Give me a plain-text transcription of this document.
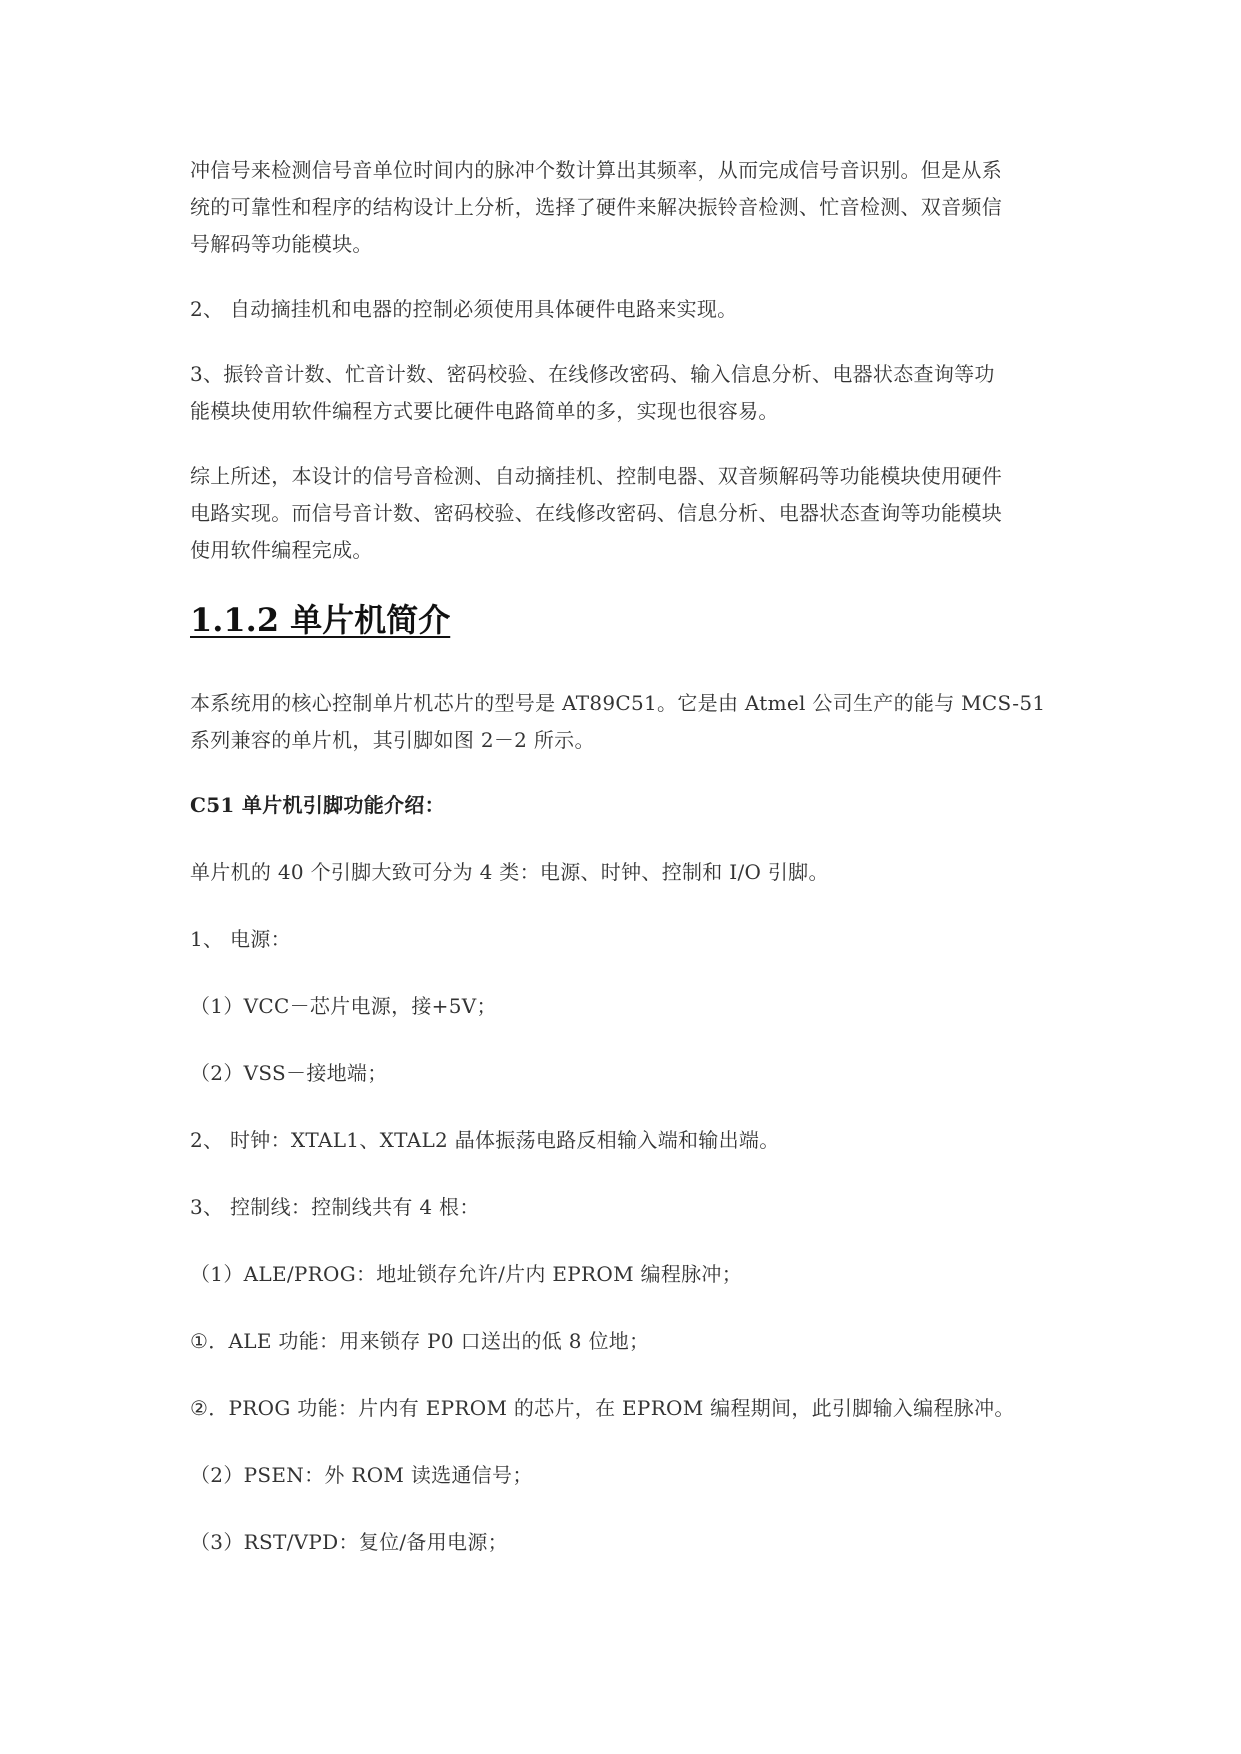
冲信号来检测信号音单位时间内的脉冲个数计算出其频率，从而完成信号音识别。但是从系
统的可靠性和程序的结构设计上分析，选择了硬件来解决振铃音检测、忙音检测、双音频信
号解码等功能模块。
2、 自动摘挂机和电器的控制必须使用具体硬件电路来实现。
3、振铃音计数、忙音计数、密码校验、在线修改密码、输入信息分析、电器状态查询等功
能模块使用软件编程方式要比硬件电路简单的多，实现也很容易。
综上所述，本设计的信号音检测、自动摘挂机、控制电器、双音频解码等功能模块使用硬件
电路实现。而信号音计数、密码校验、在线修改密码、信息分析、电器状态查询等功能模块
使用软件编程完成。
1.1.2 单片机简介
本系统用的核心控制单片机芯片的型号是 AT89C51。它是由 Atmel 公司生产的能与 MCS-51
系列兼容的单片机，其引脚如图 2－2 所示。
C51 单片机引脚功能介绍：
单片机的 40 个引脚大致可分为 4 类：电源、时钟、控制和 I/O 引脚。
1、 电源：
（1）VCC－芯片电源，接+5V；
（2）VSS－接地端；
2、 时钟：XTAL1、XTAL2 晶体振荡电路反相输入端和输出端。
3、 控制线：控制线共有 4 根：
（1）ALE/PROG：地址锁存允许/片内 EPROM 编程脉冲；
①．ALE 功能：用来锁存 P0 口送出的低 8 位地；
②．PROG 功能：片内有 EPROM 的芯片，在 EPROM 编程期间，此引脚输入编程脉冲。
（2）PSEN：外 ROM 读选通信号；
（3）RST/VPD：复位/备用电源；
